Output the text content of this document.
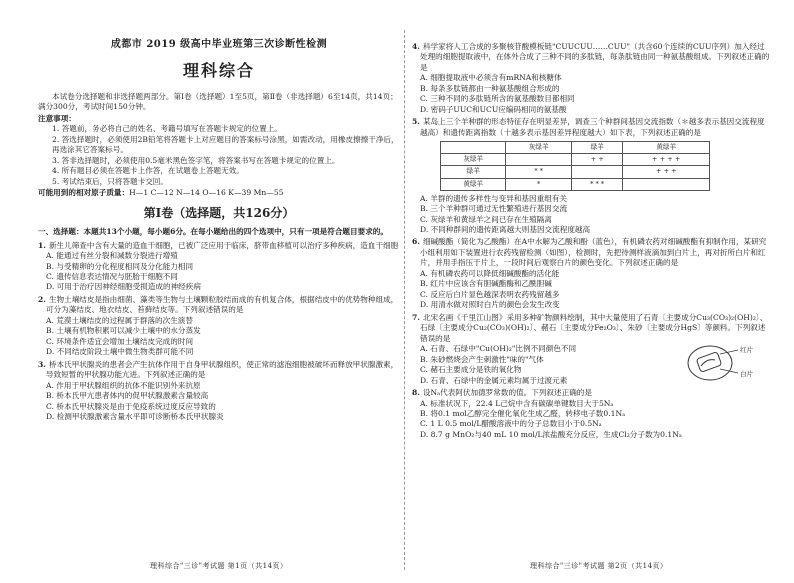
成都市 2019 级高中毕业班第三次诊断性检测
理科综合
本试卷分选择题和非选择题两部分。第Ⅰ卷（选择题）1至5页，第Ⅱ卷（非选择题）6至14页，共14页；满分300分，考试时间150分钟。
注意事项：
1. 答题前，务必将自己的姓名、考籍号填写在答题卡规定的位置上。
2. 答选择题时，必须使用2B铅笔将答题卡上对应题目的答案标号涂黑，如需改动，用橡皮擦擦干净后，再选涂其它答案标号。
3. 答非选择题时，必须使用0.5毫米黑色签字笔，将答案书写在答题卡规定的位置上。
4. 所有题目必须在答题卡上作答，在试题卷上答题无效。
5. 考试结束后，只将答题卡交回。
可能用到的相对原子质量：H—1 C—12 N—14 O—16 K—39 Mn—55
第Ⅰ卷（选择题，共126分）
一、选择题：本题共13个小题，每小题6分。在每小题给出的四个选项中，只有一项是符合题目要求的。
1. 新生儿筛查中含有大量的造血干细胞，已被广泛应用于临床，脐带血移植可以治疗多种疾病，造血干细胞
A. 能通过有丝分裂和减数分裂进行增殖
B. 与受精卵的分化程度相同及分化能力相同
C. 遗传信息表达情况与胚胎干细胞不同
D. 可用于治疗因神经细胞受损造成的神经疾病
2. 生物土壤结皮是指由细菌、藻类等生物与土壤颗粒胶结而成的有机复合体，根据结皮中的优势物种组成，可分为藻结皮、地衣结皮、苔藓结皮等。下列叙述错误的是
A. 荒漠土壤结皮的过程属于群落的次生演替
B. 土壤有机物积累可以减少土壤中的水分蒸发
C. 环境条件适宜会增加土壤结皮完成的时间
D. 不同结皮阶段土壤中微生物类群可能不同
3. 桥本氏甲状腺炎的患者会产生抗体作用于自身甲状腺组织，使正常的滤泡细胞被破坏而释放甲状腺激素，导致短暂的甲状腺功能亢进。下列叙述正确的是
A. 作用于甲状腺组织的抗体不能识别外来抗原
B. 桥本氏甲亢患者体内的促甲状腺激素含量较高
C. 桥本氏甲状腺炎是由于免疫系统过度反应导致的
D. 检测甲状腺激素含量水平即可诊断桥本氏甲状腺炎
4. 科学家将人工合成的多聚核苷酸模板链"CUUCUU……CUU"（共含60个连续的CUU序列）加入经过处理的细胞提取液中，在体外合成了三种不同的多肽链，每条肽链由同一种氨基酸组成。下列叙述正确的是
A. 细胞提取液中必须含有mRNA和核糖体
B. 每条多肽链都由一种氨基酸组合形成的
C. 三种不同的多肽链所含的氨基酸数目都相同
D. 密码子UUC和UCU应编码相同的氨基酸
5. 某岛上三个羊种群的形态特征存在明显差异，调查三个种群间基因交流指数（＊越多表示基因交流程度越高）和遗传距离指数（十越多表示基因差异程度越大）如下表，下列叙述正确的是
	灰绿羊	绿羊	黄绿羊
灰绿羊		+ +	+ + + +
绿羊	* *		+ + +
黄绿羊	*	* * *	
A. 羊群的遗传多样性与变异和基因重组有关
B. 三个羊种群可通过无性繁殖进行基因交流
C. 灰绿羊和黄绿羊之间已存在生殖隔离
D. 不同种群间的遗传距离越大则基因交流程度越高
6. 细碱酸酯（简化为乙酸酯）在A中水解为乙酸和酚（蓝色），有机磷农药对细碱酸酯有抑制作用，某研究小组利用如下装置进行农药残留检测（如图），检测时，先把待测样液滴加到白片上，再对折所白片和红片，并用手指压于片上，一段时间后观察白片的颜色变化。下列叙述正确的是
A. 有机磷农药可以降低细碱酸酯的活化能
B. 红片中应该含有胆碱酯酶和乙酰胆碱
C. 反应后白片显色越深表明农药残留越多
D. 用清水做对照时白片的颜色会发生改变
7. 北宋名画《千里江山图》采用多种矿物颜料绘制，其中大量使用了石青〔主要成分Cu₃(CO₃)₂(OH)₂〕、石绿〔主要成分Cu₂(CO₃)(OH)₂〕、赭石〔主要成分Fe₂O₃〕、朱砂〔主要成分HgS〕等颜料。下列叙述错误的是
A. 石青、石绿中"Cu(OH)₂"比例不同颜色不同
B. 朱砂燃烧会产生刺激性"味的"气体
C. 赭石主要成分是铁的氧化物
D. 石青、石绿中的金属元素均属于过渡元素
8. 设Nₐ代表阿伏加德罗常数的值。下列叙述正确的是
A. 标准状况下，22.4 L己烷中含有碳碳单键数目大于5Nₐ
B. 将0.1 mol乙醇完全催化氧化生成乙醛，转移电子数0.1Nₐ
C. 1 L 0.5 mol/L醋酸溶液中的分子总数目小于0.5Nₐ
D. 8.7 g MnO₂与40 mL 10 mol/L浓盐酸充分反应，生成Cl₂分子数为0.1Nₐ
红片
白片
理科综合"三诊"考试题 第1页（共14页）	理科综合"三诊"考试题 第2页（共14页）
